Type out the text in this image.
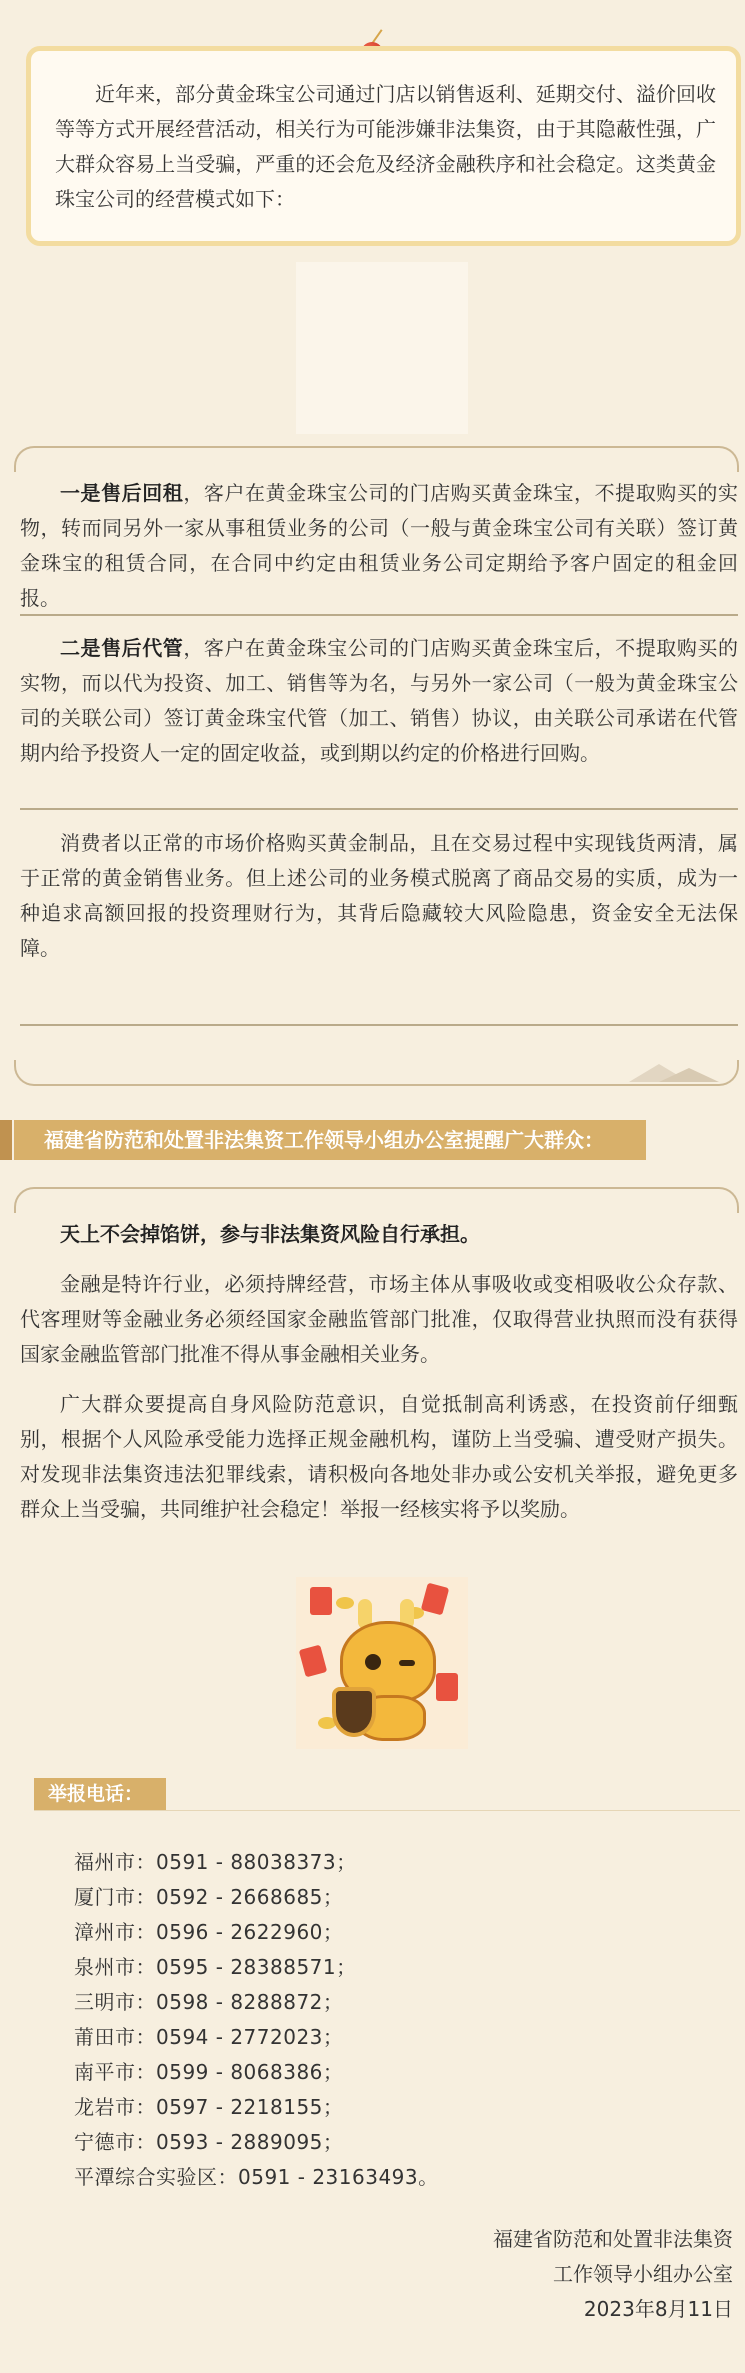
近年来，部分黄金珠宝公司通过门店以销售返利、延期交付、溢价回收等等方式开展经营活动，相关行为可能涉嫌非法集资，由于其隐蔽性强，广大群众容易上当受骗，严重的还会危及经济金融秩序和社会稳定。这类黄金珠宝公司的经营模式如下：

一是售后回租，客户在黄金珠宝公司的门店购买黄金珠宝，不提取购买的实物，转而同另外一家从事租赁业务的公司（一般与黄金珠宝公司有关联）签订黄金珠宝的租赁合同，在合同中约定由租赁业务公司定期给予客户固定的租金回报。

二是售后代管，客户在黄金珠宝公司的门店购买黄金珠宝后，不提取购买的实物，而以代为投资、加工、销售等为名，与另外一家公司（一般为黄金珠宝公司的关联公司）签订黄金珠宝代管（加工、销售）协议，由关联公司承诺在代管期内给予投资人一定的固定收益，或到期以约定的价格进行回购。

消费者以正常的市场价格购买黄金制品，且在交易过程中实现钱货两清，属于正常的黄金销售业务。但上述公司的业务模式脱离了商品交易的实质，成为一种追求高额回报的投资理财行为，其背后隐藏较大风险隐患，资金安全无法保障。

福建省防范和处置非法集资工作领导小组办公室提醒广大群众：

天上不会掉馅饼，参与非法集资风险自行承担。

金融是特许行业，必须持牌经营，市场主体从事吸收或变相吸收公众存款、代客理财等金融业务必须经国家金融监管部门批准，仅取得营业执照而没有获得国家金融监管部门批准不得从事金融相关业务。

广大群众要提高自身风险防范意识，自觉抵制高利诱惑，在投资前仔细甄别，根据个人风险承受能力选择正规金融机构，谨防上当受骗、遭受财产损失。对发现非法集资违法犯罪线索，请积极向各地处非办或公安机关举报，避免更多群众上当受骗，共同维护社会稳定！举报一经核实将予以奖励。

举报电话：
福州市：0591 - 88038373；
厦门市：0592 - 2668685；
漳州市：0596 - 2622960；
泉州市：0595 - 28388571；
三明市：0598 - 8288872；
莆田市：0594 - 2772023；
南平市：0599 - 8068386；
龙岩市：0597 - 2218155；
宁德市：0593 - 2889095；
平潭综合实验区：0591 - 23163493。
福建省防范和处置非法集资
工作领导小组办公室
2023年8月11日
